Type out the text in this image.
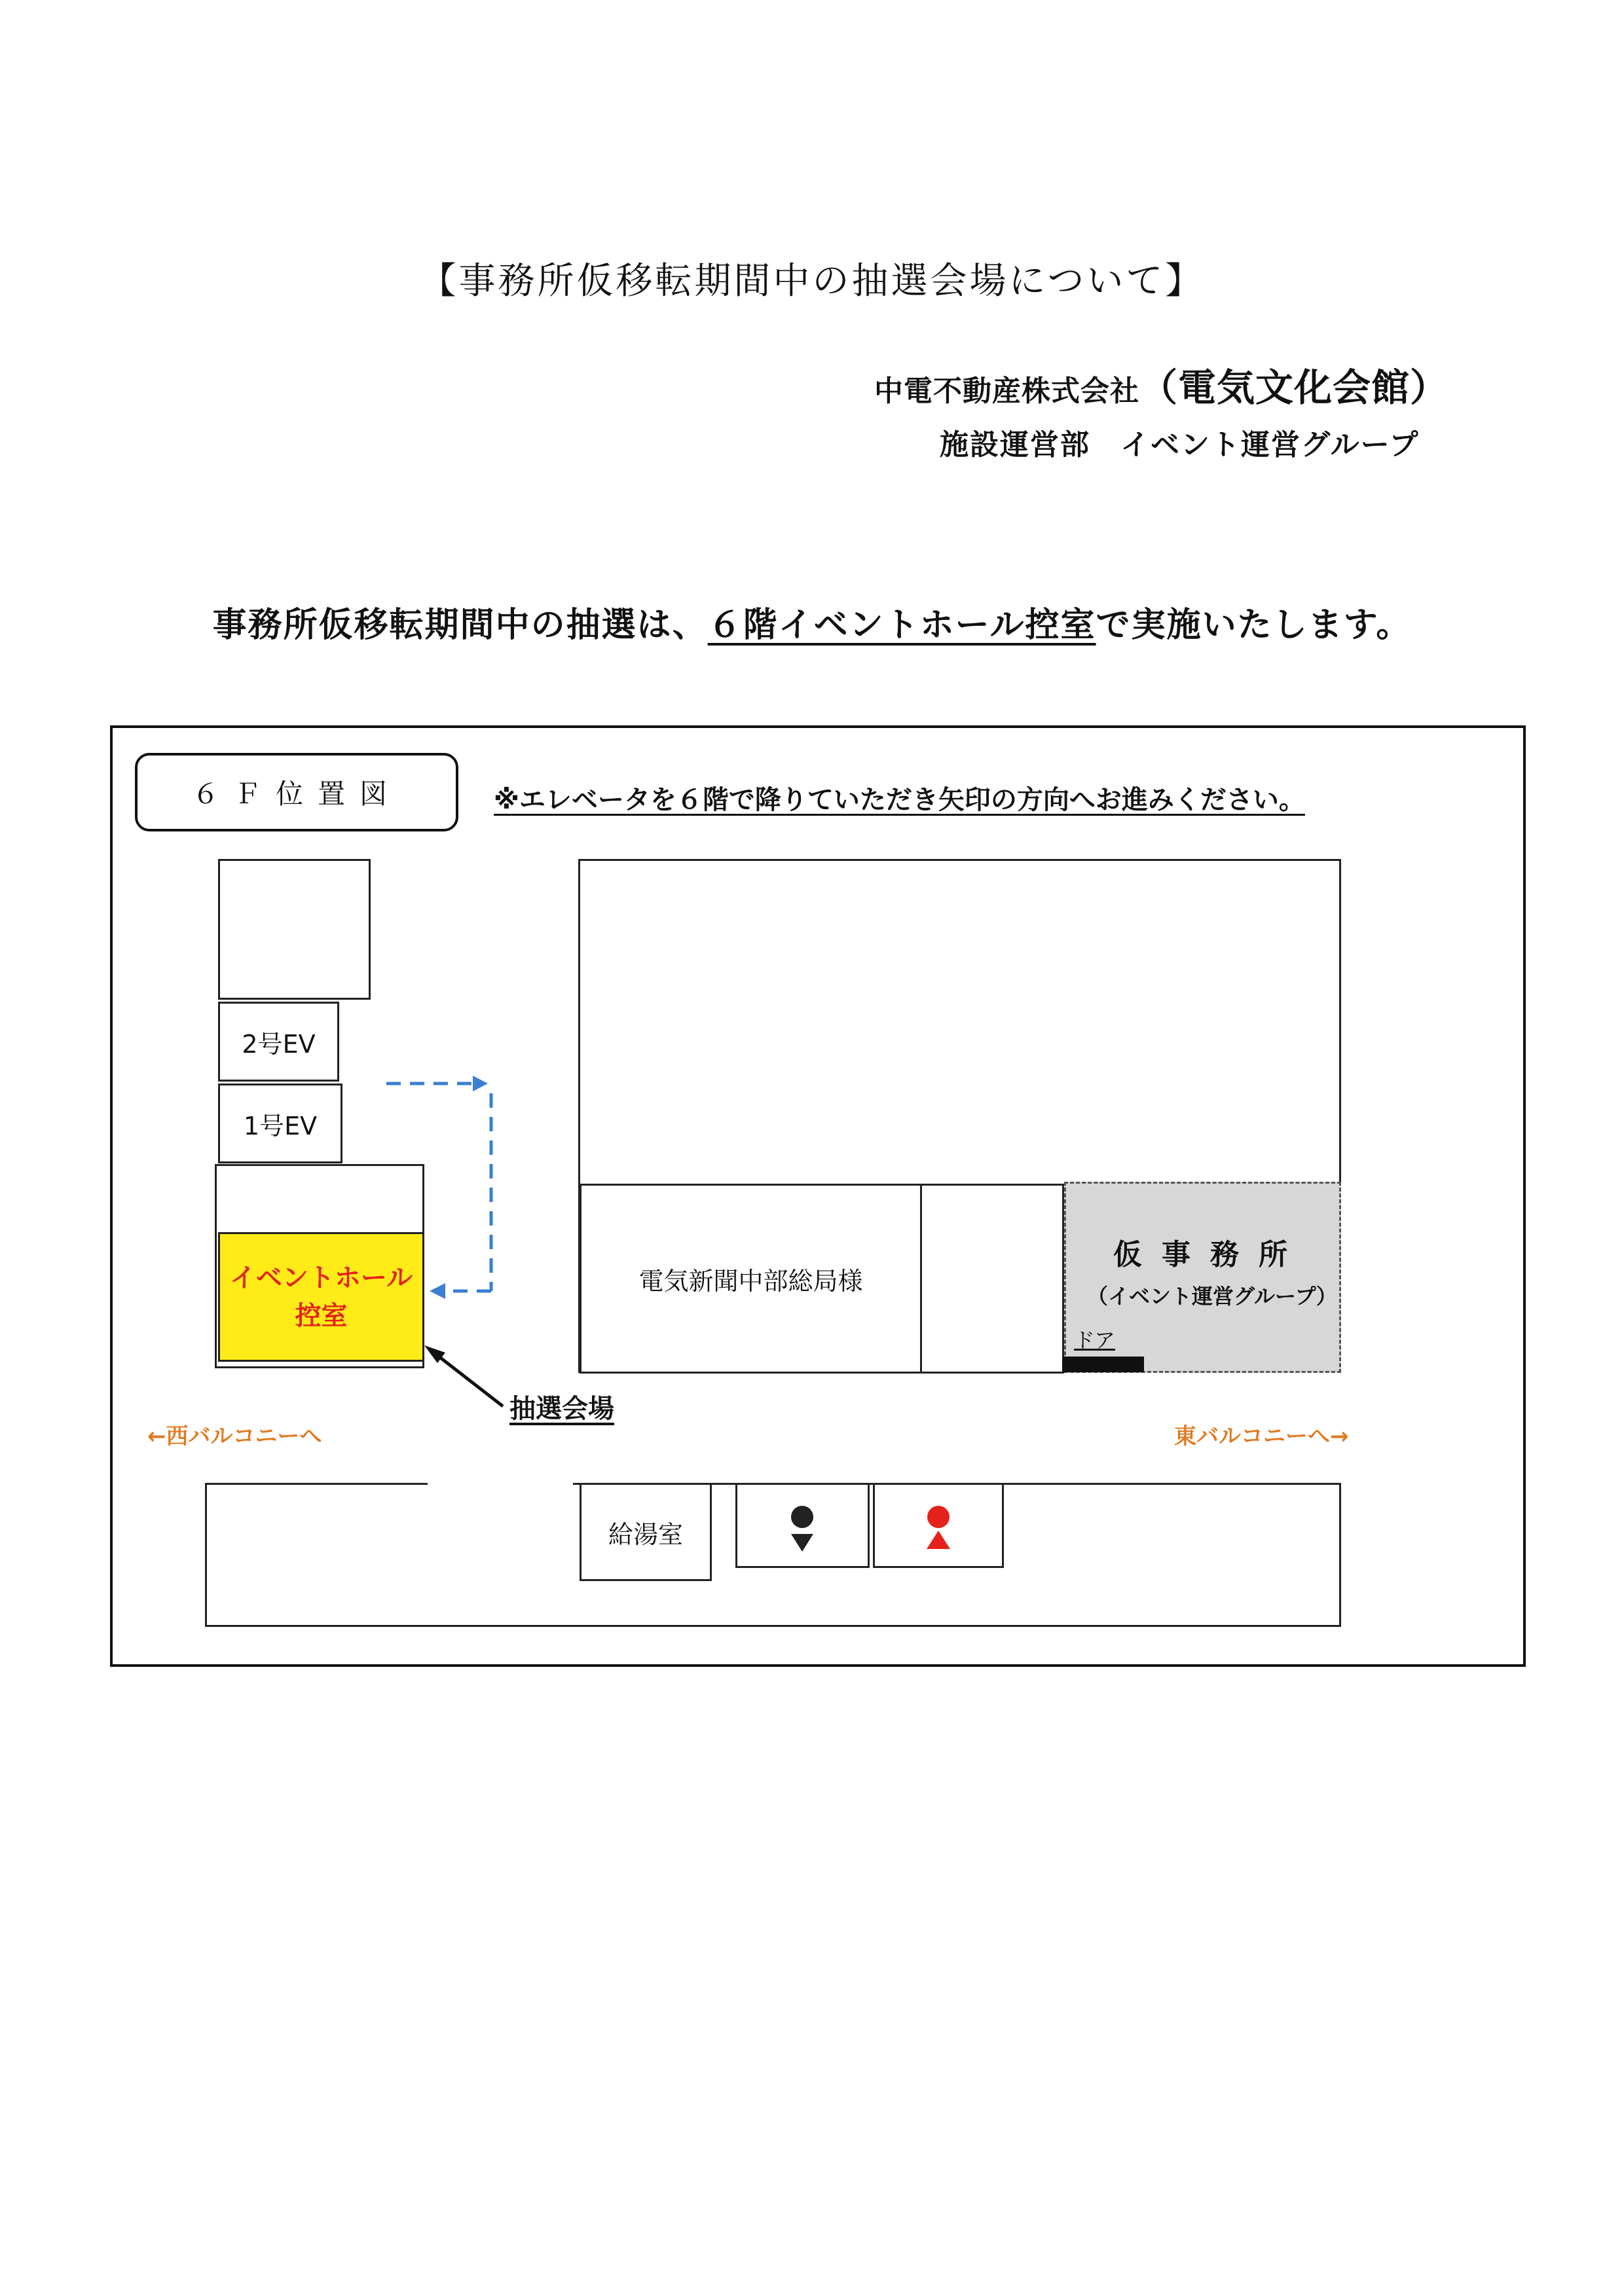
【事務所仮移転期間中の抽選会場について】
中電不動産株式会社（電気文化会館）
施設運営部　イベント運営グループ
事務所仮移転期間中の抽選は、６階イベントホール控室で実施いたします。
６Ｆ位置図	※エレベータを６階で降りていただき矢印の方向へお進みください。
2号EV
1号EV
イベントホール
控室
電気新聞中部総局様
仮事務所
（イベント運営グループ）
ドア
給湯室
抽選会場
←西バルコニーへ	東バルコニーへ→
